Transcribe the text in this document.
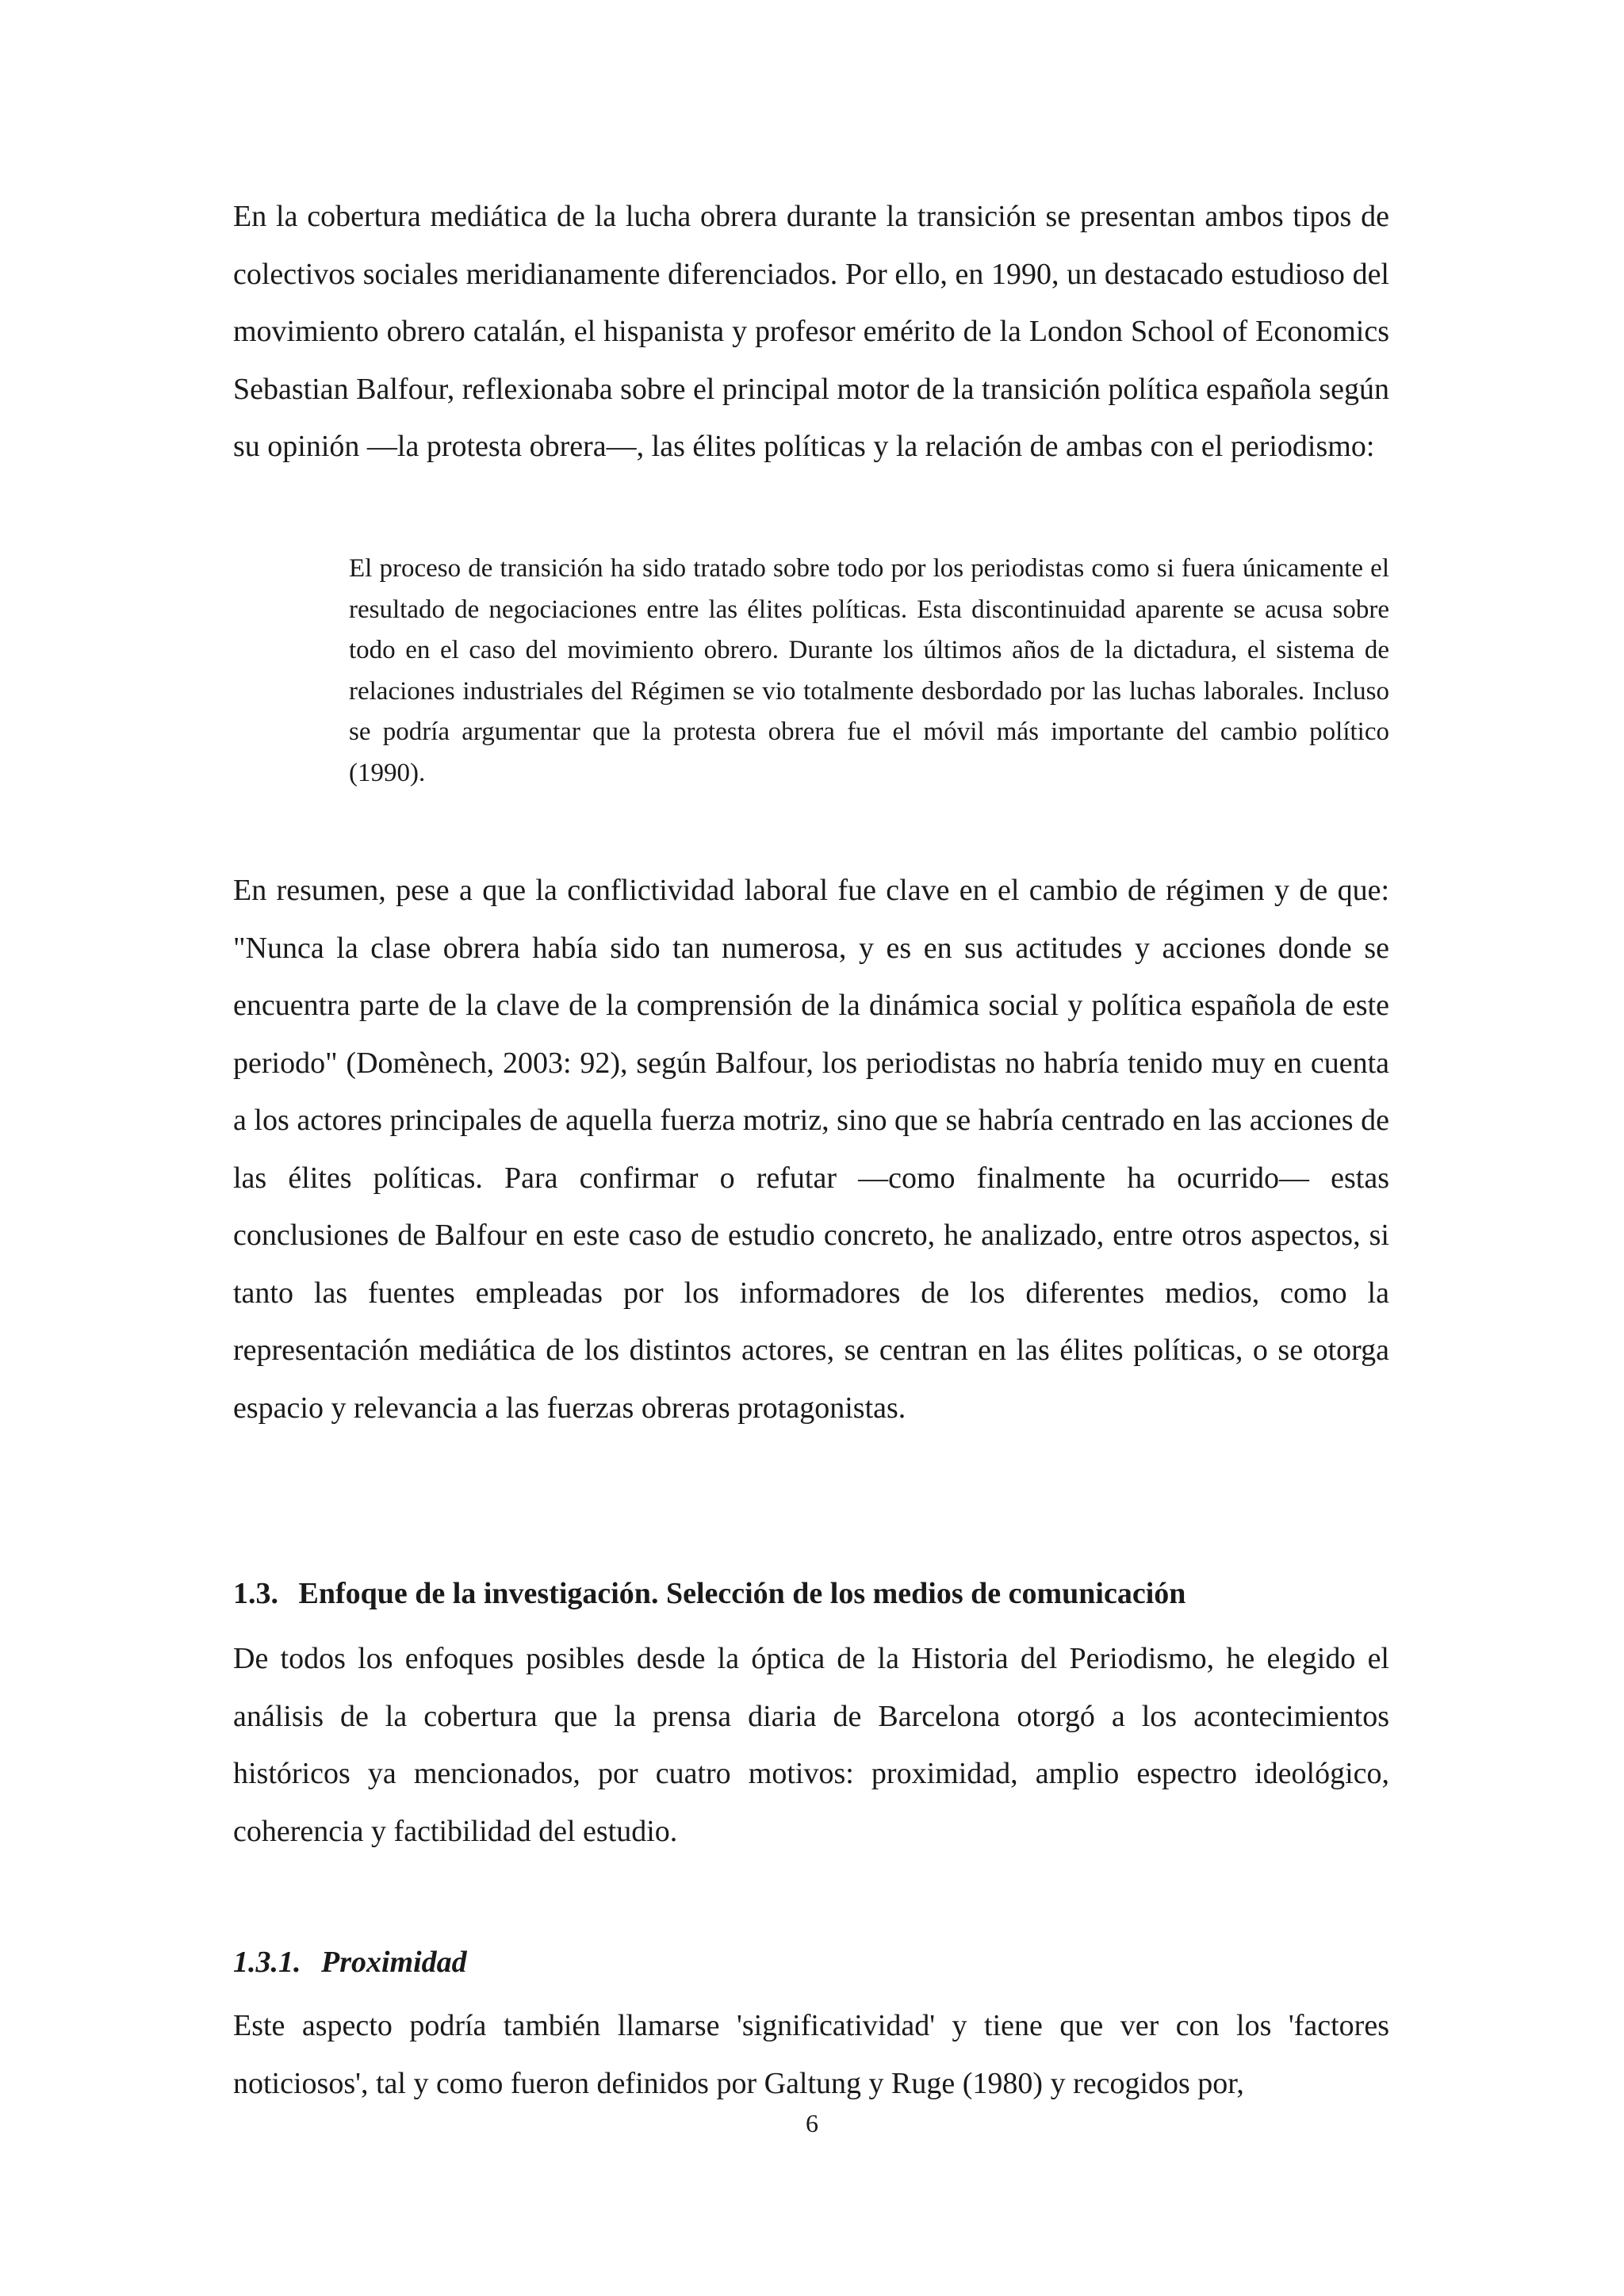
En la cobertura mediática de la lucha obrera durante la transición se presentan ambos tipos de colectivos sociales meridianamente diferenciados. Por ello, en 1990, un destacado estudioso del movimiento obrero catalán, el hispanista y profesor emérito de la London School of Economics Sebastian Balfour, reflexionaba sobre el principal motor de la transición política española según su opinión —la protesta obrera—, las élites políticas y la relación de ambas con el periodismo:

El proceso de transición ha sido tratado sobre todo por los periodistas como si fuera únicamente el resultado de negociaciones entre las élites políticas. Esta discontinuidad aparente se acusa sobre todo en el caso del movimiento obrero. Durante los últimos años de la dictadura, el sistema de relaciones industriales del Régimen se vio totalmente desbordado por las luchas laborales. Incluso se podría argumentar que la protesta obrera fue el móvil más importante del cambio político (1990).

En resumen, pese a que la conflictividad laboral fue clave en el cambio de régimen y de que: "Nunca la clase obrera había sido tan numerosa, y es en sus actitudes y acciones donde se encuentra parte de la clave de la comprensión de la dinámica social y política española de este periodo" (Domènech, 2003: 92), según Balfour, los periodistas no habría tenido muy en cuenta a los actores principales de aquella fuerza motriz, sino que se habría centrado en las acciones de las élites políticas. Para confirmar o refutar —como finalmente ha ocurrido— estas conclusiones de Balfour en este caso de estudio concreto, he analizado, entre otros aspectos, si tanto las fuentes empleadas por los informadores de los diferentes medios, como la representación mediática de los distintos actores, se centran en las élites políticas, o se otorga espacio y relevancia a las fuerzas obreras protagonistas.

1.3. Enfoque de la investigación. Selección de los medios de comunicación

De todos los enfoques posibles desde la óptica de la Historia del Periodismo, he elegido el análisis de la cobertura que la prensa diaria de Barcelona otorgó a los acontecimientos históricos ya mencionados, por cuatro motivos: proximidad, amplio espectro ideológico, coherencia y factibilidad del estudio.

1.3.1. Proximidad

Este aspecto podría también llamarse 'significatividad' y tiene que ver con los 'factores noticiosos', tal y como fueron definidos por Galtung y Ruge (1980) y recogidos por,

6
